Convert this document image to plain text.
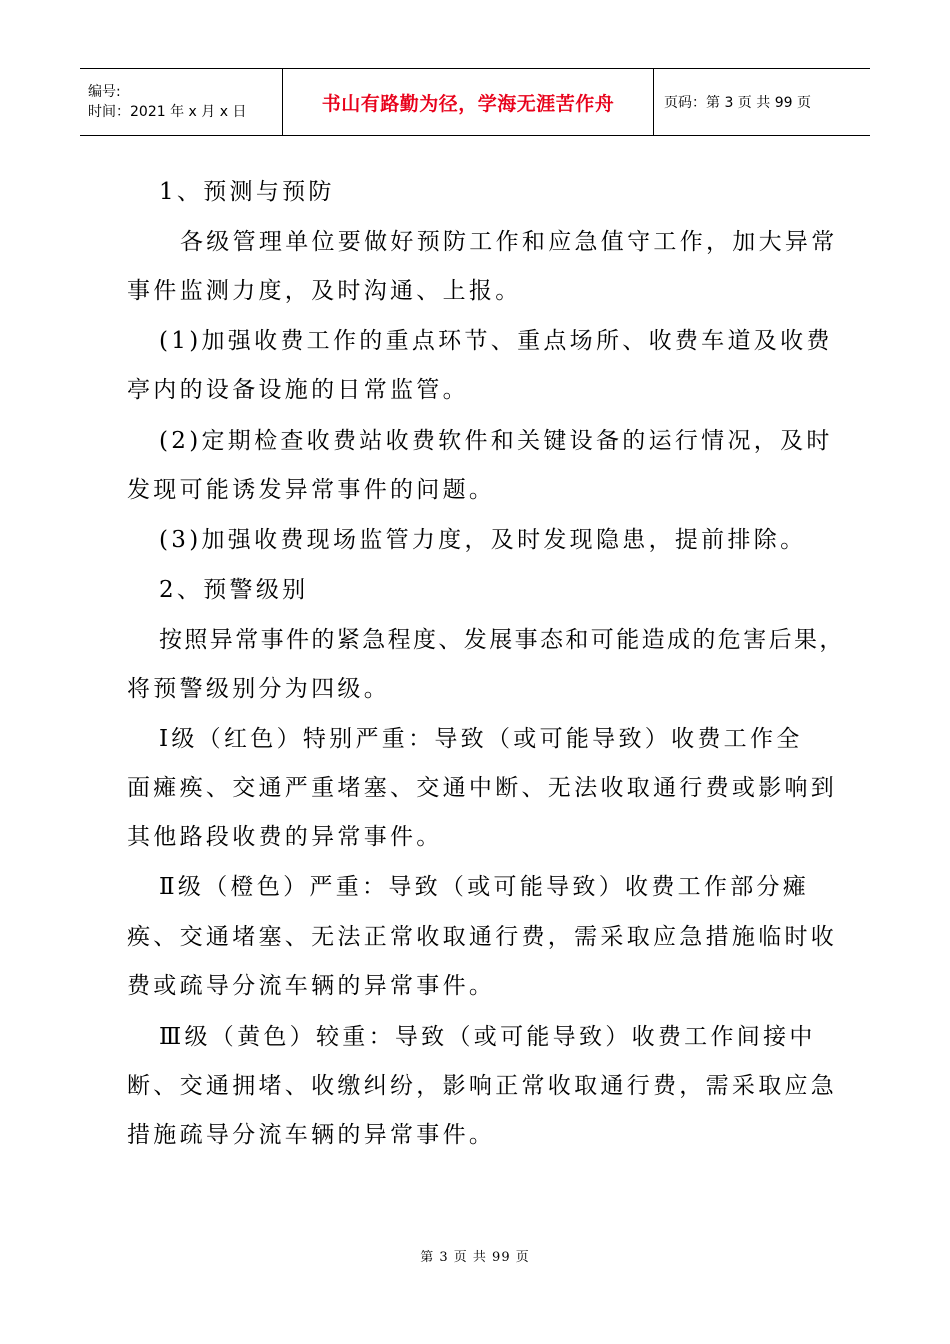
编号:
时间：2021 年 x 月 x 日	书山有路勤为径，学海无涯苦作舟	页码：第 3 页 共 99 页
1、预测与预防
各级管理单位要做好预防工作和应急值守工作，加大异常
事件监测力度，及时沟通、上报。
(1)加强收费工作的重点环节、重点场所、收费车道及收费
亭内的设备设施的日常监管。
(2)定期检查收费站收费软件和关键设备的运行情况，及时
发现可能诱发异常事件的问题。
(3)加强收费现场监管力度，及时发现隐患，提前排除。
2、预警级别
按照异常事件的紧急程度、发展事态和可能造成的危害后果，
将预警级别分为四级。
Ⅰ级（红色）特别严重：导致（或可能导致）收费工作全
面瘫痪、交通严重堵塞、交通中断、无法收取通行费或影响到
其他路段收费的异常事件。
Ⅱ级（橙色）严重：导致（或可能导致）收费工作部分瘫
痪、交通堵塞、无法正常收取通行费，需采取应急措施临时收
费或疏导分流车辆的异常事件。
Ⅲ级（黄色）较重：导致（或可能导致）收费工作间接中
断、交通拥堵、收缴纠纷，影响正常收取通行费，需采取应急
措施疏导分流车辆的异常事件。
第 3 页 共 99 页
